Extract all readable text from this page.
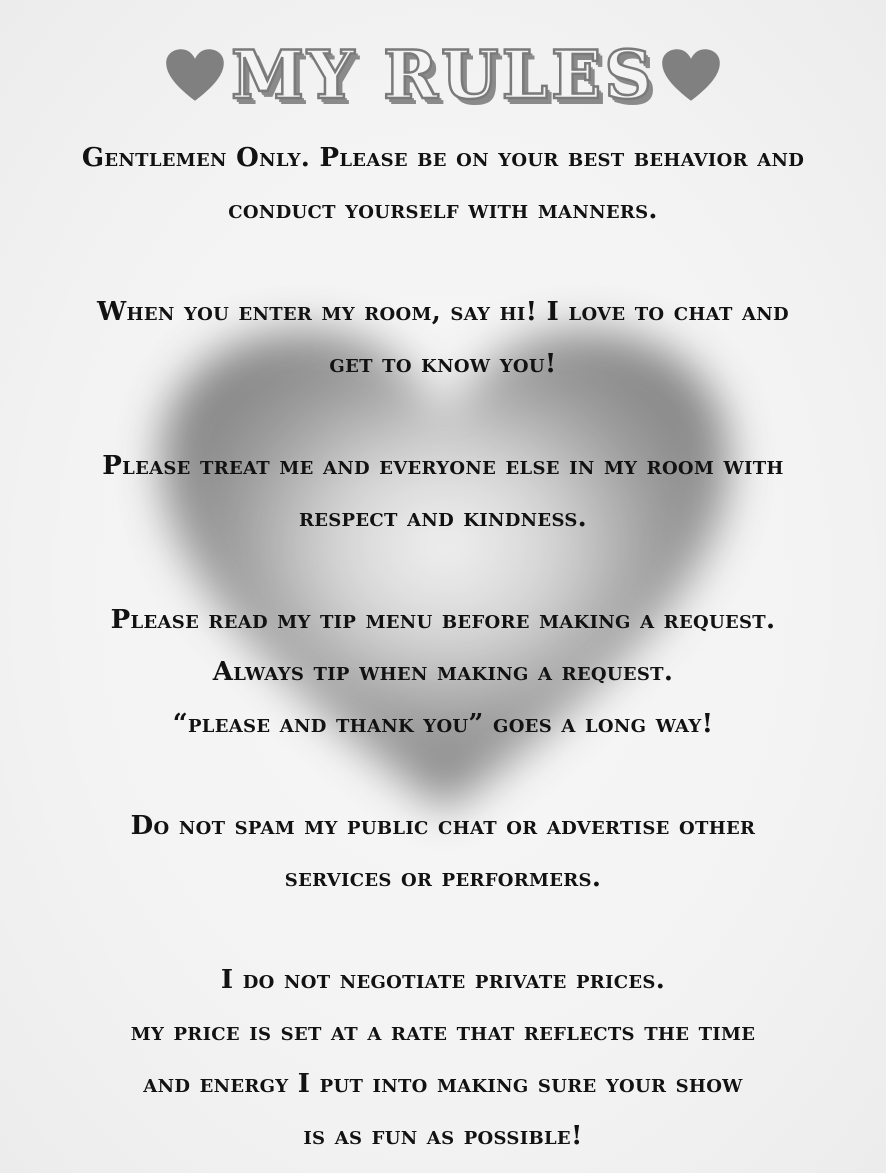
MY RULES
Gentlemen Only. Please be on your best behavior and
conduct yourself with manners.
When you enter my room, say hi! I love to chat and
get to know you!
Please treat me and everyone else in my room with
respect and kindness.
Please read my tip menu before making a request.
Always tip when making a request.
“please and thank you” goes a long way!
Do not spam my public chat or advertise other
services or performers.
I do not negotiate private prices.
my price is set at a rate that reflects the time
and energy I put into making sure your show
is as fun as possible!
